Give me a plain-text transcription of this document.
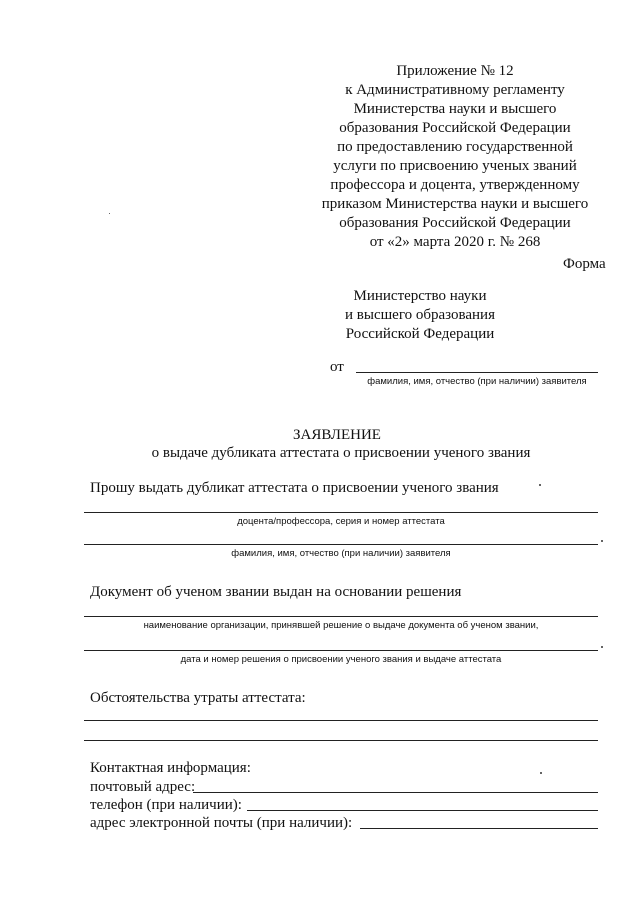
Приложение № 12
к Административному регламенту
Министерства науки и высшего
образования Российской Федерации
по предоставлению государственной
услуги по присвоению ученых званий
профессора и доцента, утвержденному
приказом Министерства науки и высшего
образования Российской Федерации
от «2» марта 2020 г. № 268
Форма
Министерство науки
и высшего образования
Российской Федерации
от
фамилия, имя, отчество (при наличии) заявителя
ЗАЯВЛЕНИЕ
о выдаче дубликата аттестата о присвоении ученого звания
Прошу выдать дубликат аттестата о присвоении ученого звания
доцента/профессора, серия и номер аттестата
фамилия, имя, отчество (при наличии) заявителя
Документ об ученом звании выдан на основании решения
наименование организации, принявшей решение о выдаче документа об ученом звании,
дата и номер решения о присвоении ученого звания и выдаче аттестата
Обстоятельства утраты аттестата:
Контактная информация:
почтовый адрес:
телефон (при наличии):
адрес электронной почты (при наличии):
